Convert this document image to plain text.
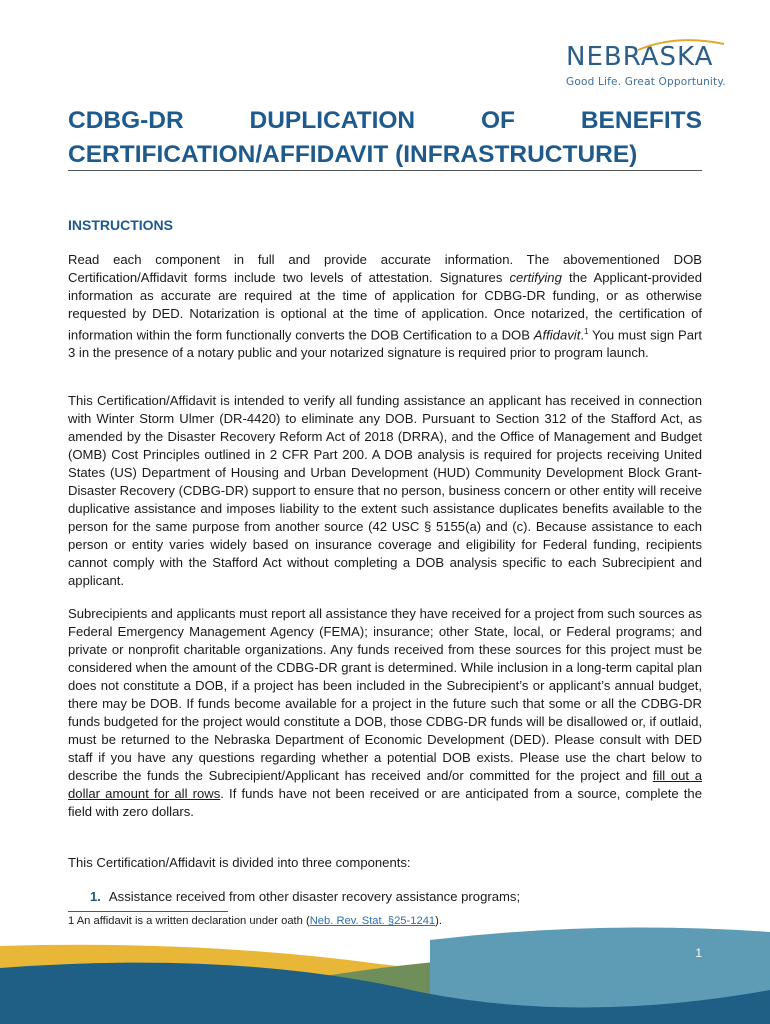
NEBRASKA
Good Life. Great Opportunity.
CDBG-DR	DUPLICATION	OF	BENEFITS
CERTIFICATION/AFFIDAVIT (INFRASTRUCTURE)
INSTRUCTIONS

Read each component in full and provide accurate information. The abovementioned DOB Certification/Affidavit forms include two levels of attestation. Signatures certifying the Applicant-provided information as accurate are required at the time of application for CDBG-DR funding, or as otherwise requested by DED. Notarization is optional at the time of application. Once notarized, the certification of information within the form functionally converts the DOB Certification to a DOB Affidavit.$^1$ You must sign Part 3 in the presence of a notary public and your notarized signature is required prior to program launch.

This Certification/Affidavit is intended to verify all funding assistance an applicant has received in connection with Winter Storm Ulmer (DR-4420) to eliminate any DOB. Pursuant to Section 312 of the Stafford Act, as amended by the Disaster Recovery Reform Act of 2018 (DRRA), and the Office of Management and Budget (OMB) Cost Principles outlined in 2 CFR Part 200. A DOB analysis is required for projects receiving United States (US) Department of Housing and Urban Development (HUD) Community Development Block Grant-Disaster Recovery (CDBG-DR) support to ensure that no person, business concern or other entity will receive duplicative assistance and imposes liability to the extent such assistance duplicates benefits available to the person for the same purpose from another source (42 USC § 5155(a) and (c). Because assistance to each person or entity varies widely based on insurance coverage and eligibility for Federal funding, recipients cannot comply with the Stafford Act without completing a DOB analysis specific to each Subrecipient and applicant.

Subrecipients and applicants must report all assistance they have received for a project from such sources as Federal Emergency Management Agency (FEMA); insurance; other State, local, or Federal programs; and private or nonprofit charitable organizations. Any funds received from these sources for this project must be considered when the amount of the CDBG-DR grant is determined. While inclusion in a long-term capital plan does not constitute a DOB, if a project has been included in the Subrecipient’s or applicant’s annual budget, there may be DOB. If funds become available for a project in the future such that some or all the CDBG-DR funds budgeted for the project would constitute a DOB, those CDBG-DR funds will be disallowed or, if outlaid, must be returned to the Nebraska Department of Economic Development (DED). Please consult with DED staff if you have any questions regarding whether a potential DOB exists. Please use the chart below to describe the funds the Subrecipient/Applicant has received and/or committed for the project and fill out a dollar amount for all rows. If funds have not been received or are anticipated from a source, complete the field with zero dollars.

This Certification/Affidavit is divided into three components:

1. Assistance received from other disaster recovery assistance programs;

1 An affidavit is a written declaration under oath (Neb. Rev. Stat. §25-1241).

1
